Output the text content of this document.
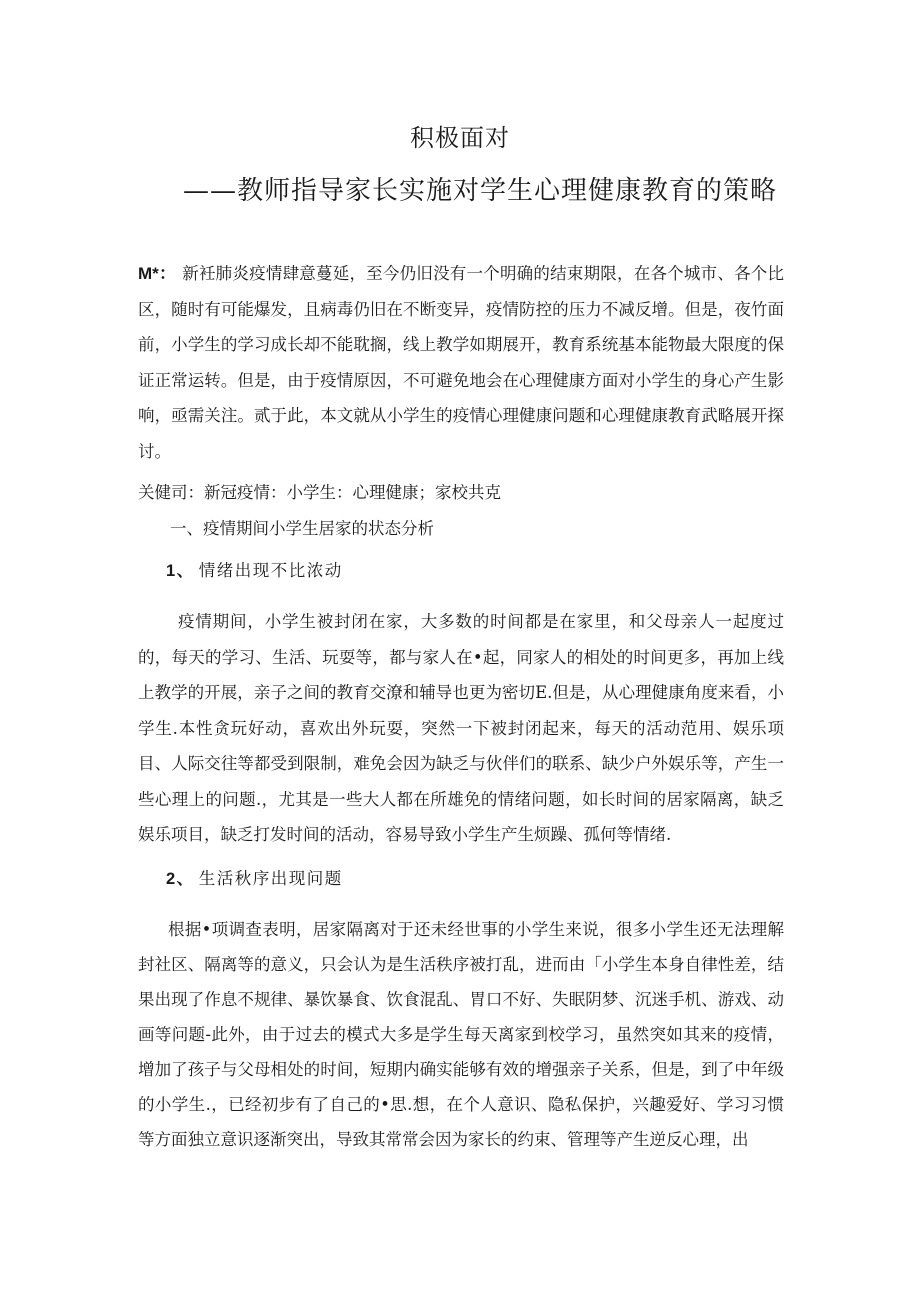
积极面对
——教师指导家长实施对学生心理健康教育的策略
M*： 新衽肺炎疫情肆意蔓延，至今仍旧没有一个明确的结束期限，在各个城市、各个比区，随时有可能爆发，且病毒仍旧在不断变异，疫情防控的压力不减反增。但是，夜竹面前，小学生的学习成长却不能耽搁，线上教学如期展开，教育系统基本能物最大限度的保证正常运转。但是，由于疫情原因，不可避免地会在心理健康方面对小学生的身心产生影响，亟需关注。贰于此，本文就从小学生的疫情心理健康问题和心理健康教育武略展开探讨。
关健司：新冠疫情：小学生：心理健康；家校共克
一、疫情期间小学生居家的状态分析
1、 情绪出现不比浓动
疫情期间，小学生被封闭在家，大多数的时间都是在家里，和父母亲人一起度过的，每天的学习、生活、玩耍等，都与家人在•起，同家人的相处的时间更多，再加上线上教学的开展，亲子之间的教育交潦和辅导也更为密切E.但是，从心理健康角度来看，小学生.本性贪玩好动，喜欢出外玩耍，突然一下被封闭起来，每天的活动范用、娱乐项目、人际交往等都受到限制，难免会因为缺乏与伙伴们的联系、缺少户外娱乐等，产生一些心理上的问题.，尤其是一些大人都在所雄免的情绪问题，如长时间的居家隔离，缺乏娱乐项目，缺乏打发时间的活动，容易导致小学生产生烦躁、孤何等情绪.
2、 生活秋序出现问题
根据•项调查表明，居家隔离对于还未经世事的小学生来说，很多小学生还无法理解封社区、隔离等的意义，只会认为是生活秩序被打乱，进而由「小学生本身自律性差，结果出现了作息不规律、暴饮暴食、饮食混乱、胃口不好、失眠阴梦、沉迷手机、游戏、动画等问题-此外，由于过去的模式大多是学生每天离家到校学习，虽然突如其来的疫情，增加了孩子与父母相处的时间，短期内确实能够有效的增强亲子关系，但是，到了中年级的小学生.，已经初步有了自己的•思.想，在个人意识、隐私保护，兴趣爱好、学习习惯等方面独立意识逐渐突出，导致其常常会因为家长的约束、管理等产生逆反心理，出
